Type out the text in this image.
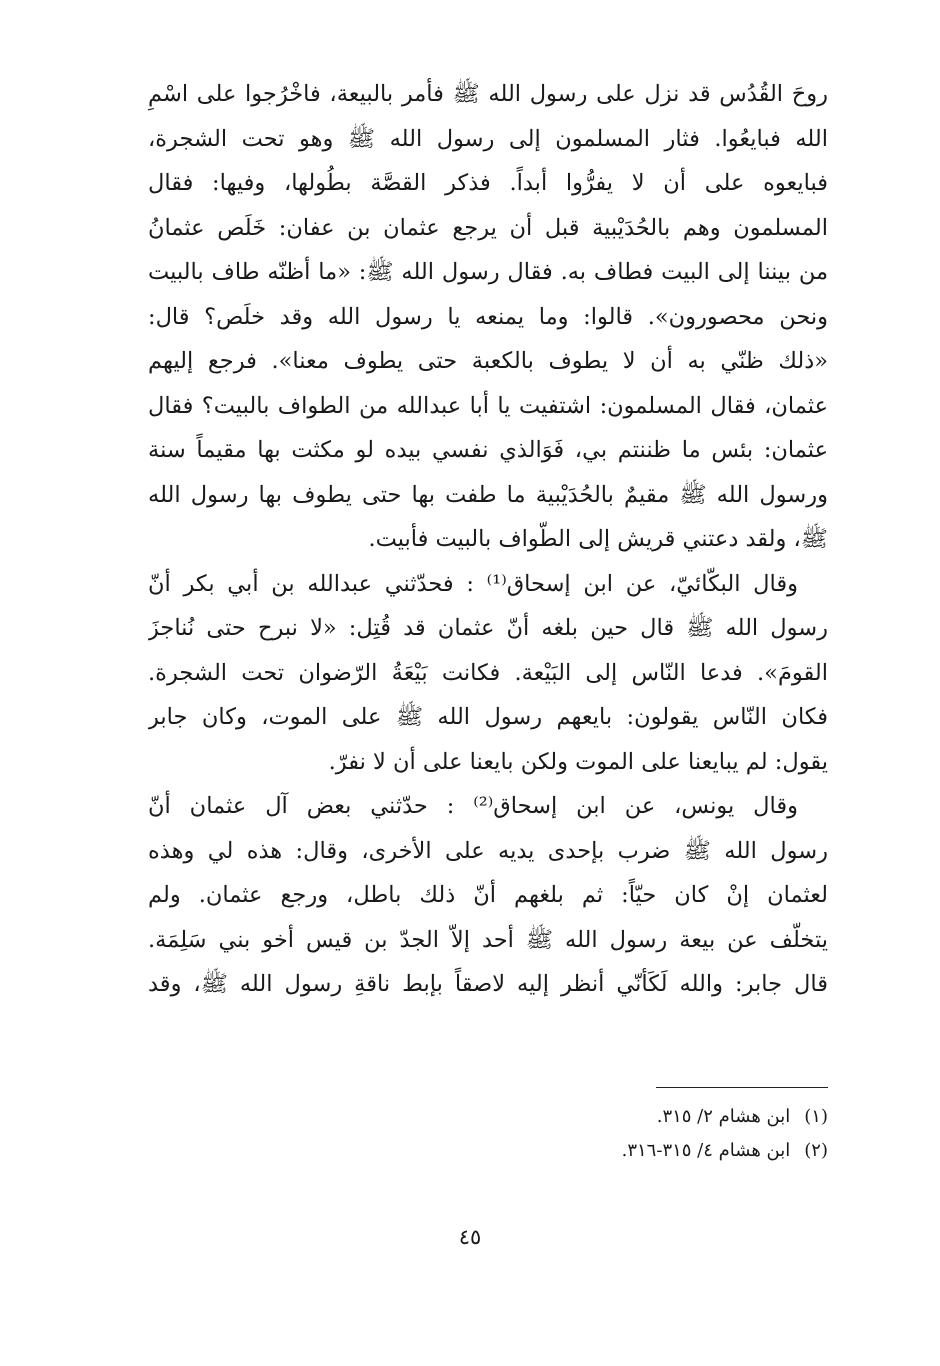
روحَ القُدُس قد نزل على رسول الله ﷺ فأمر بالبيعة، فاخْرُجوا على اسْمِ
الله فبايعُوا. فثار المسلمون إلى رسول الله ﷺ وهو تحت الشجرة،
فبايعوه على أن لا يفرُّوا أبداً. فذكر القصَّة بطُولها، وفيها: فقال
المسلمون وهم بالحُدَيْبية قبل أن يرجع عثمان بن عفان: خَلَص عثمانُ
من بيننا إلى البيت فطاف به. فقال رسول الله ﷺ: «ما أظنّه طاف بالبيت
ونحن محصورون». قالوا: وما يمنعه يا رسول الله وقد خلَص؟ قال:
«ذلك ظنّي به أن لا يطوف بالكعبة حتى يطوف معنا». فرجع إليهم
عثمان، فقال المسلمون: اشتفيت يا أبا عبدالله من الطواف بالبيت؟ فقال
عثمان: بئس ما ظننتم بي، فَوَالذي نفسي بيده لو مكثت بها مقيماً سنة
ورسول الله ﷺ مقيمٌ بالحُدَيْبية ما طفت بها حتى يطوف بها رسول الله
ﷺ، ولقد دعتني قريش إلى الطّواف بالبيت فأبيت.
وقال البكّائيّ، عن ابن إسحاق⁽¹⁾ : فحدّثني عبدالله بن أبي بكر أنّ
رسول الله ﷺ قال حين بلغه أنّ عثمان قد قُتِل: «لا نبرح حتى نُناجزَ
القومَ». فدعا النّاس إلى البَيْعة. فكانت بَيْعَةُ الرّضوان تحت الشجرة.
فكان النّاس يقولون: بايعهم رسول الله ﷺ على الموت، وكان جابر
يقول: لم يبايعنا على الموت ولكن بايعنا على أن لا نفرّ.
وقال يونس، عن ابن إسحاق⁽²⁾ : حدّثني بعض آل عثمان أنّ
رسول الله ﷺ ضرب بإحدى يديه على الأخرى، وقال: هذه لي وهذه
لعثمان إنْ كان حيّاً: ثم بلغهم أنّ ذلك باطل، ورجع عثمان. ولم
يتخلّف عن بيعة رسول الله ﷺ أحد إلاّ الجدّ بن قيس أخو بني سَلِمَة.
قال جابر: والله لَكَأنّي أنظر إليه لاصقاً بإبط ناقةِ رسول الله ﷺ، وقد
(١)ابن هشام ٢/ ٣١٥.
(٢)ابن هشام ٤/ ٣١٥-٣١٦.
٤٥
